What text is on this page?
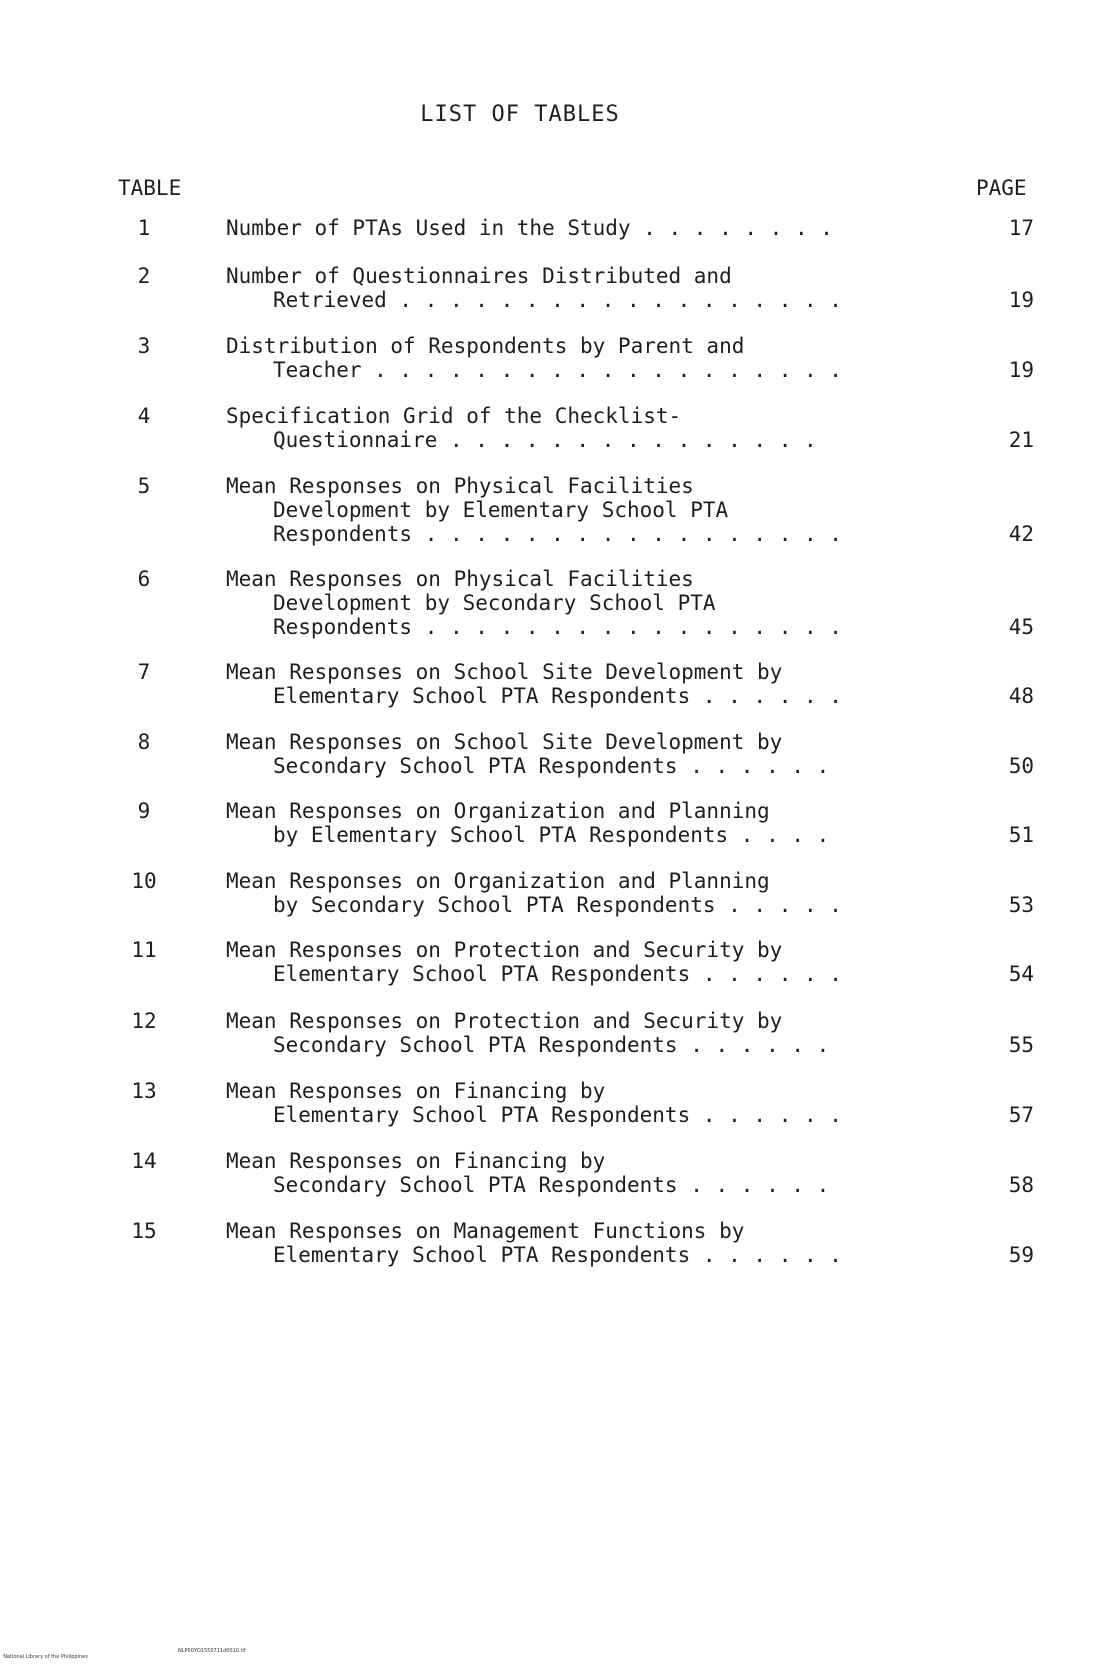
LIST OF TABLES
TABLE	PAGE
1	Number of PTAs Used in the Study . . . . . . . .	17
2	Number of Questionnaires Distributed and
Retrieved . . . . . . . . . . . . . . . . . .	19
3	Distribution of Respondents by Parent and
Teacher . . . . . . . . . . . . . . . . . . .	19
4	Specification Grid of the Checklist-
Questionnaire . . . . . . . . . . . . . . .	21
5	Mean Responses on Physical Facilities
Development by Elementary School PTA
Respondents . . . . . . . . . . . . . . . . .	42
6	Mean Responses on Physical Facilities
Development by Secondary School PTA
Respondents . . . . . . . . . . . . . . . . .	45
7	Mean Responses on School Site Development by
Elementary School PTA Respondents . . . . . .	48
8	Mean Responses on School Site Development by
Secondary School PTA Respondents . . . . . .	50
9	Mean Responses on Organization and Planning
by Elementary School PTA Respondents . . . .	51
10	Mean Responses on Organization and Planning
by Secondary School PTA Respondents . . . . .	53
11	Mean Responses on Protection and Security by
Elementary School PTA Respondents . . . . . .	54
12	Mean Responses on Protection and Security by
Secondary School PTA Respondents . . . . . .	55
13	Mean Responses on Financing by
Elementary School PTA Respondents . . . . . .	57
14	Mean Responses on Financing by
Secondary School PTA Respondents . . . . . .	58
15	Mean Responses on Management Functions by
Elementary School PTA Respondents . . . . . .	59

National Library of the Philippines

NLP00YD1550711d0010.tif
